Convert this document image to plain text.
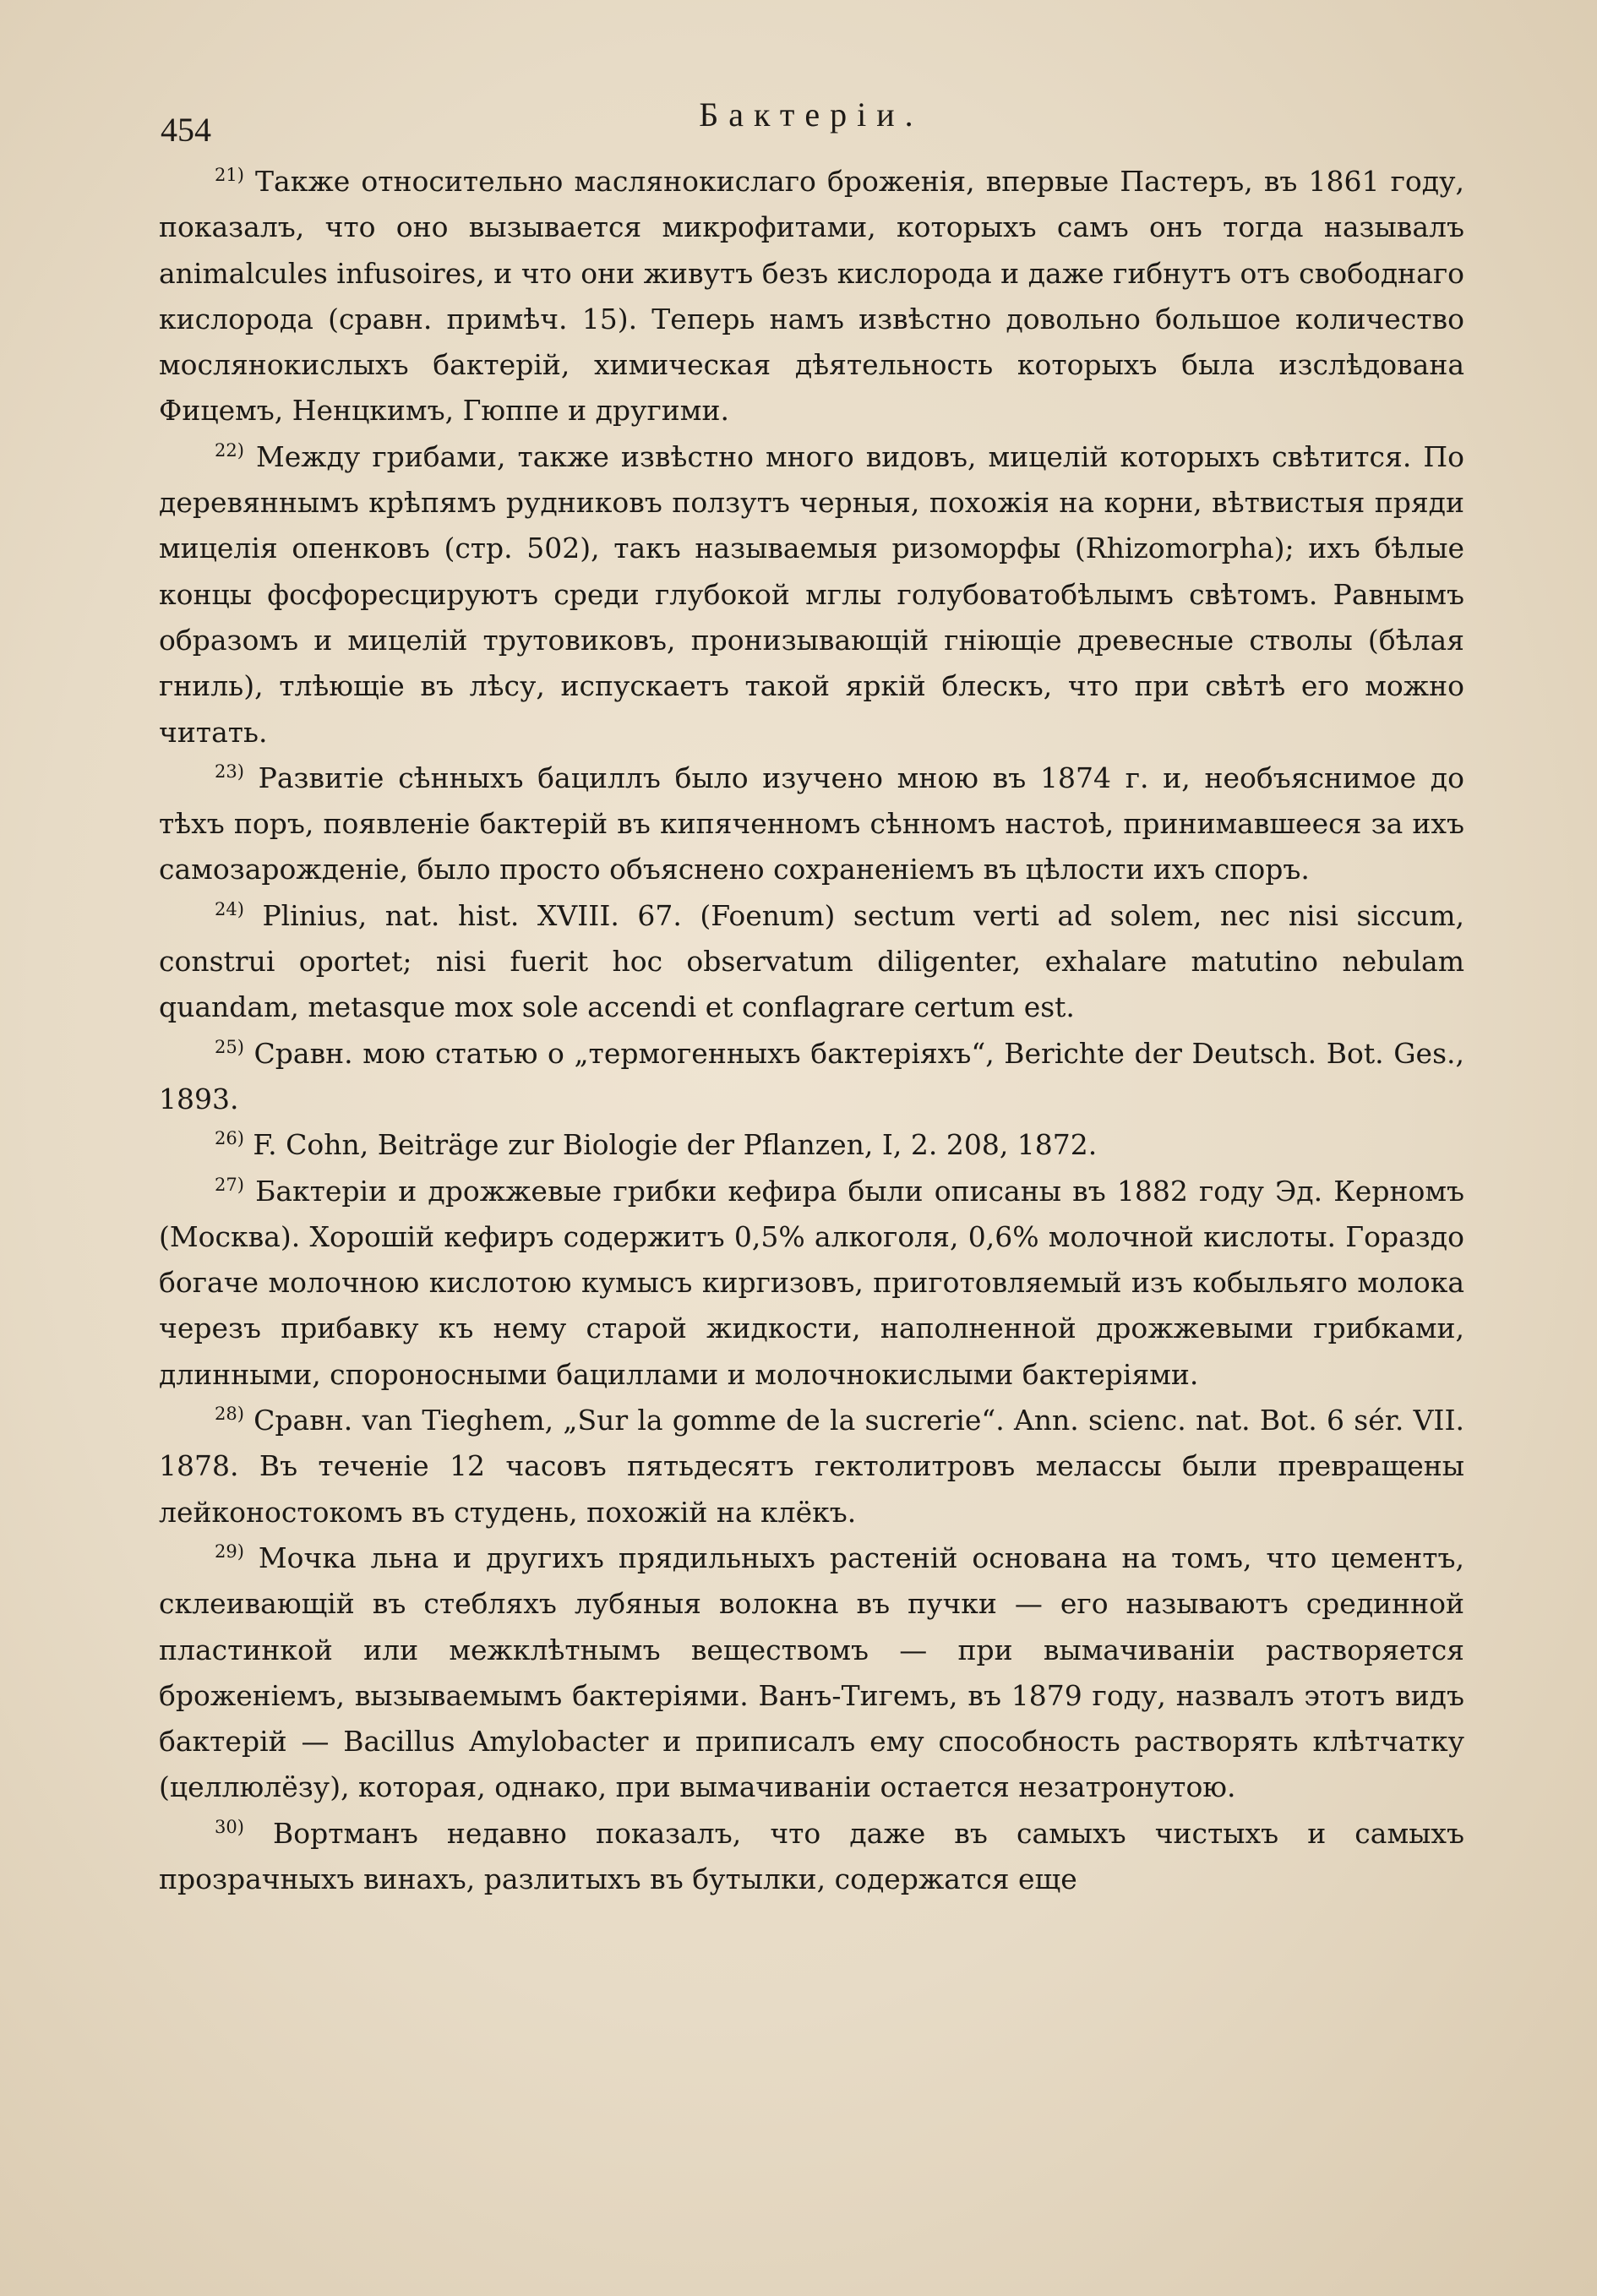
454	Бактеріи.

$^{21)}$ Также относительно маслянокислаго броженія, впервые Пастеръ, въ 1861 году, показалъ, что оно вызывается микрофитами, которыхъ самъ онъ тогда называлъ animalcules infusoires, и что они живутъ безъ кислорода и даже гибнутъ отъ свободнаго кислорода (сравн. примѣч. 15). Теперь намъ извѣстно довольно большое количество мослянокислыхъ бактерій, химическая дѣятельность которыхъ была изслѣдована Фицемъ, Ненцкимъ, Гюппе и другими.

$^{22)}$ Между грибами, также извѣстно много видовъ, мицелій которыхъ свѣтится. По деревяннымъ крѣпямъ рудниковъ ползутъ черныя, похожія на корни, вѣтвистыя пряди мицелія опенковъ (стр. 502), такъ называемыя ризоморфы (Rhizomorpha); ихъ бѣлые концы фосфоресцируютъ среди глубокой мглы голубоватобѣлымъ свѣтомъ. Равнымъ образомъ и мицелій трутовиковъ, пронизывающій гніющіе древесные стволы (бѣлая гниль), тлѣющіе въ лѣсу, испускаетъ такой яркій блескъ, что при свѣтѣ его можно читать.

$^{23)}$ Развитіе сѣнныхъ бациллъ было изучено мною въ 1874 г. и, необъяснимое до тѣхъ поръ, появленіе бактерій въ кипяченномъ сѣнномъ настоѣ, принимавшееся за ихъ самозарожденіе, было просто объяснено сохраненіемъ въ цѣлости ихъ споръ.

$^{24)}$ Plinius, nat. hist. XVIII. 67. (Foenum) sectum verti ad solem, nec nisi siccum, construi oportet; nisi fuerit hoc observatum diligenter, exhalare matutino nebulam quandam, metasque mox sole accendi et conflagrare certum est.

$^{25)}$ Сравн. мою статью о „термогенныхъ бактеріяхъ“, Berichte der Deutsch. Bot. Ges., 1893.

$^{26)}$ F. Cohn, Beiträge zur Biologie der Pflanzen, I, 2. 208, 1872.

$^{27)}$ Бактеріи и дрожжевые грибки кефира были описаны въ 1882 году Эд. Керномъ (Москва). Хорошій кефиръ содержитъ 0,5% алкоголя, 0,6% молочной кислоты. Гораздо богаче молочною кислотою кумысъ киргизовъ, приготовляемый изъ кобыльяго молока черезъ прибавку къ нему старой жидкости, наполненной дрожжевыми грибками, длинными, спороносными бациллами и молочнокислыми бактеріями.

$^{28)}$ Сравн. van Tieghem, „Sur la gomme de la sucrerie“. Ann. scienc. nat. Bot. 6 sér. VII. 1878. Въ теченіе 12 часовъ пятьдесятъ гектолитровъ мелассы были превращены лейконостокомъ въ студень, похожій на клёкъ.

$^{29)}$ Мочка льна и другихъ прядильныхъ растеній основана на томъ, что цементъ, склеивающій въ стебляхъ лубяныя волокна въ пучки — его называютъ срединной пластинкой или межклѣтнымъ веществомъ — при вымачиваніи растворяется броженіемъ, вызываемымъ бактеріями. Ванъ-Тигемъ, въ 1879 году, назвалъ этотъ видъ бактерій — Bacillus Amylobacter и приписалъ ему способность растворять клѣтчатку (целлюлёзу), которая, однако, при вымачиваніи остается незатронутою.

$^{30)}$ Вортманъ недавно показалъ, что даже въ самыхъ чистыхъ и самыхъ прозрачныхъ винахъ, разлитыхъ въ бутылки, содержатся еще
